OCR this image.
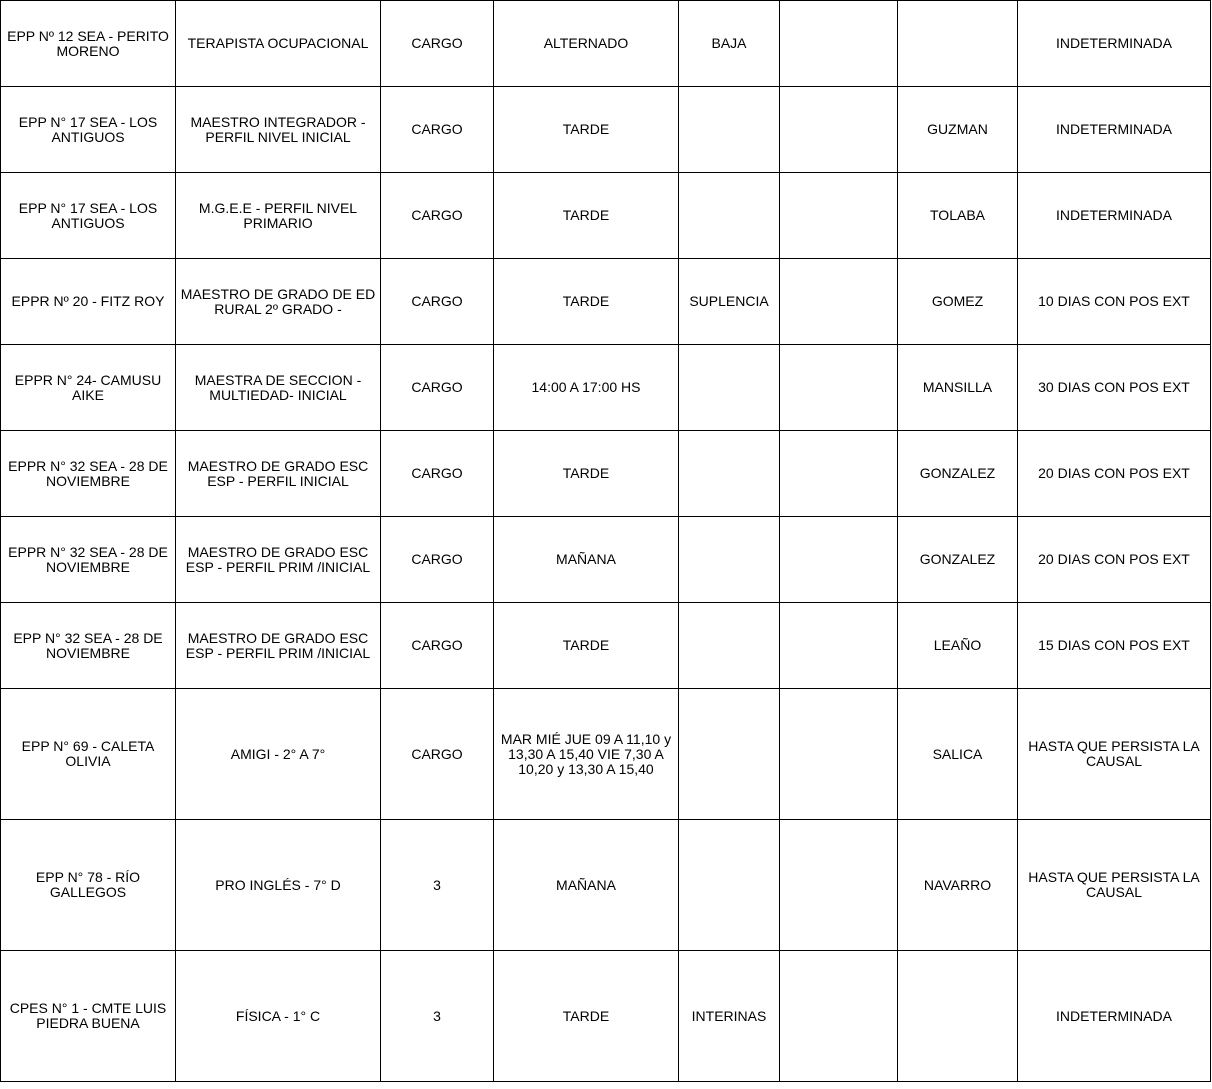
EPP Nº 12 SEA - PERITO MORENO	TERAPISTA OCUPACIONAL	CARGO	ALTERNADO	BAJA			INDETERMINADA
EPP N° 17 SEA - LOS ANTIGUOS	MAESTRO INTEGRADOR - PERFIL NIVEL INICIAL	CARGO	TARDE			GUZMAN	INDETERMINADA
EPP N° 17 SEA - LOS ANTIGUOS	M.G.E.E - PERFIL NIVEL PRIMARIO	CARGO	TARDE			TOLABA	INDETERMINADA
EPPR Nº 20 - FITZ ROY	MAESTRO DE GRADO DE ED RURAL 2º GRADO -	CARGO	TARDE	SUPLENCIA		GOMEZ	10 DIAS CON POS EXT
EPPR N° 24- CAMUSU AIKE	MAESTRA DE SECCION - MULTIEDAD- INICIAL	CARGO	14:00 A 17:00 HS			MANSILLA	30 DIAS CON POS EXT
EPPR N° 32 SEA - 28 DE NOVIEMBRE	MAESTRO DE GRADO ESC ESP - PERFIL INICIAL	CARGO	TARDE			GONZALEZ	20 DIAS CON POS EXT
EPPR N° 32 SEA - 28 DE NOVIEMBRE	MAESTRO DE GRADO ESC ESP - PERFIL PRIM /INICIAL	CARGO	MAÑANA			GONZALEZ	20 DIAS CON POS EXT
EPP N° 32 SEA - 28 DE NOVIEMBRE	MAESTRO DE GRADO ESC ESP - PERFIL PRIM /INICIAL	CARGO	TARDE			LEAÑO	15 DIAS CON POS EXT
EPP N° 69 - CALETA OLIVIA	AMIGI - 2° A 7°	CARGO	MAR MIÉ JUE 09 A 11,10 y 13,30 A 15,40 VIE 7,30 A 10,20 y 13,30 A 15,40			SALICA	HASTA QUE PERSISTA LA CAUSAL
EPP N° 78 - RÍO GALLEGOS	PRO INGLÉS - 7° D	3	MAÑANA			NAVARRO	HASTA QUE PERSISTA LA CAUSAL
CPES N° 1 - CMTE LUIS PIEDRA BUENA	FÍSICA - 1° C	3	TARDE	INTERINAS			INDETERMINADA
